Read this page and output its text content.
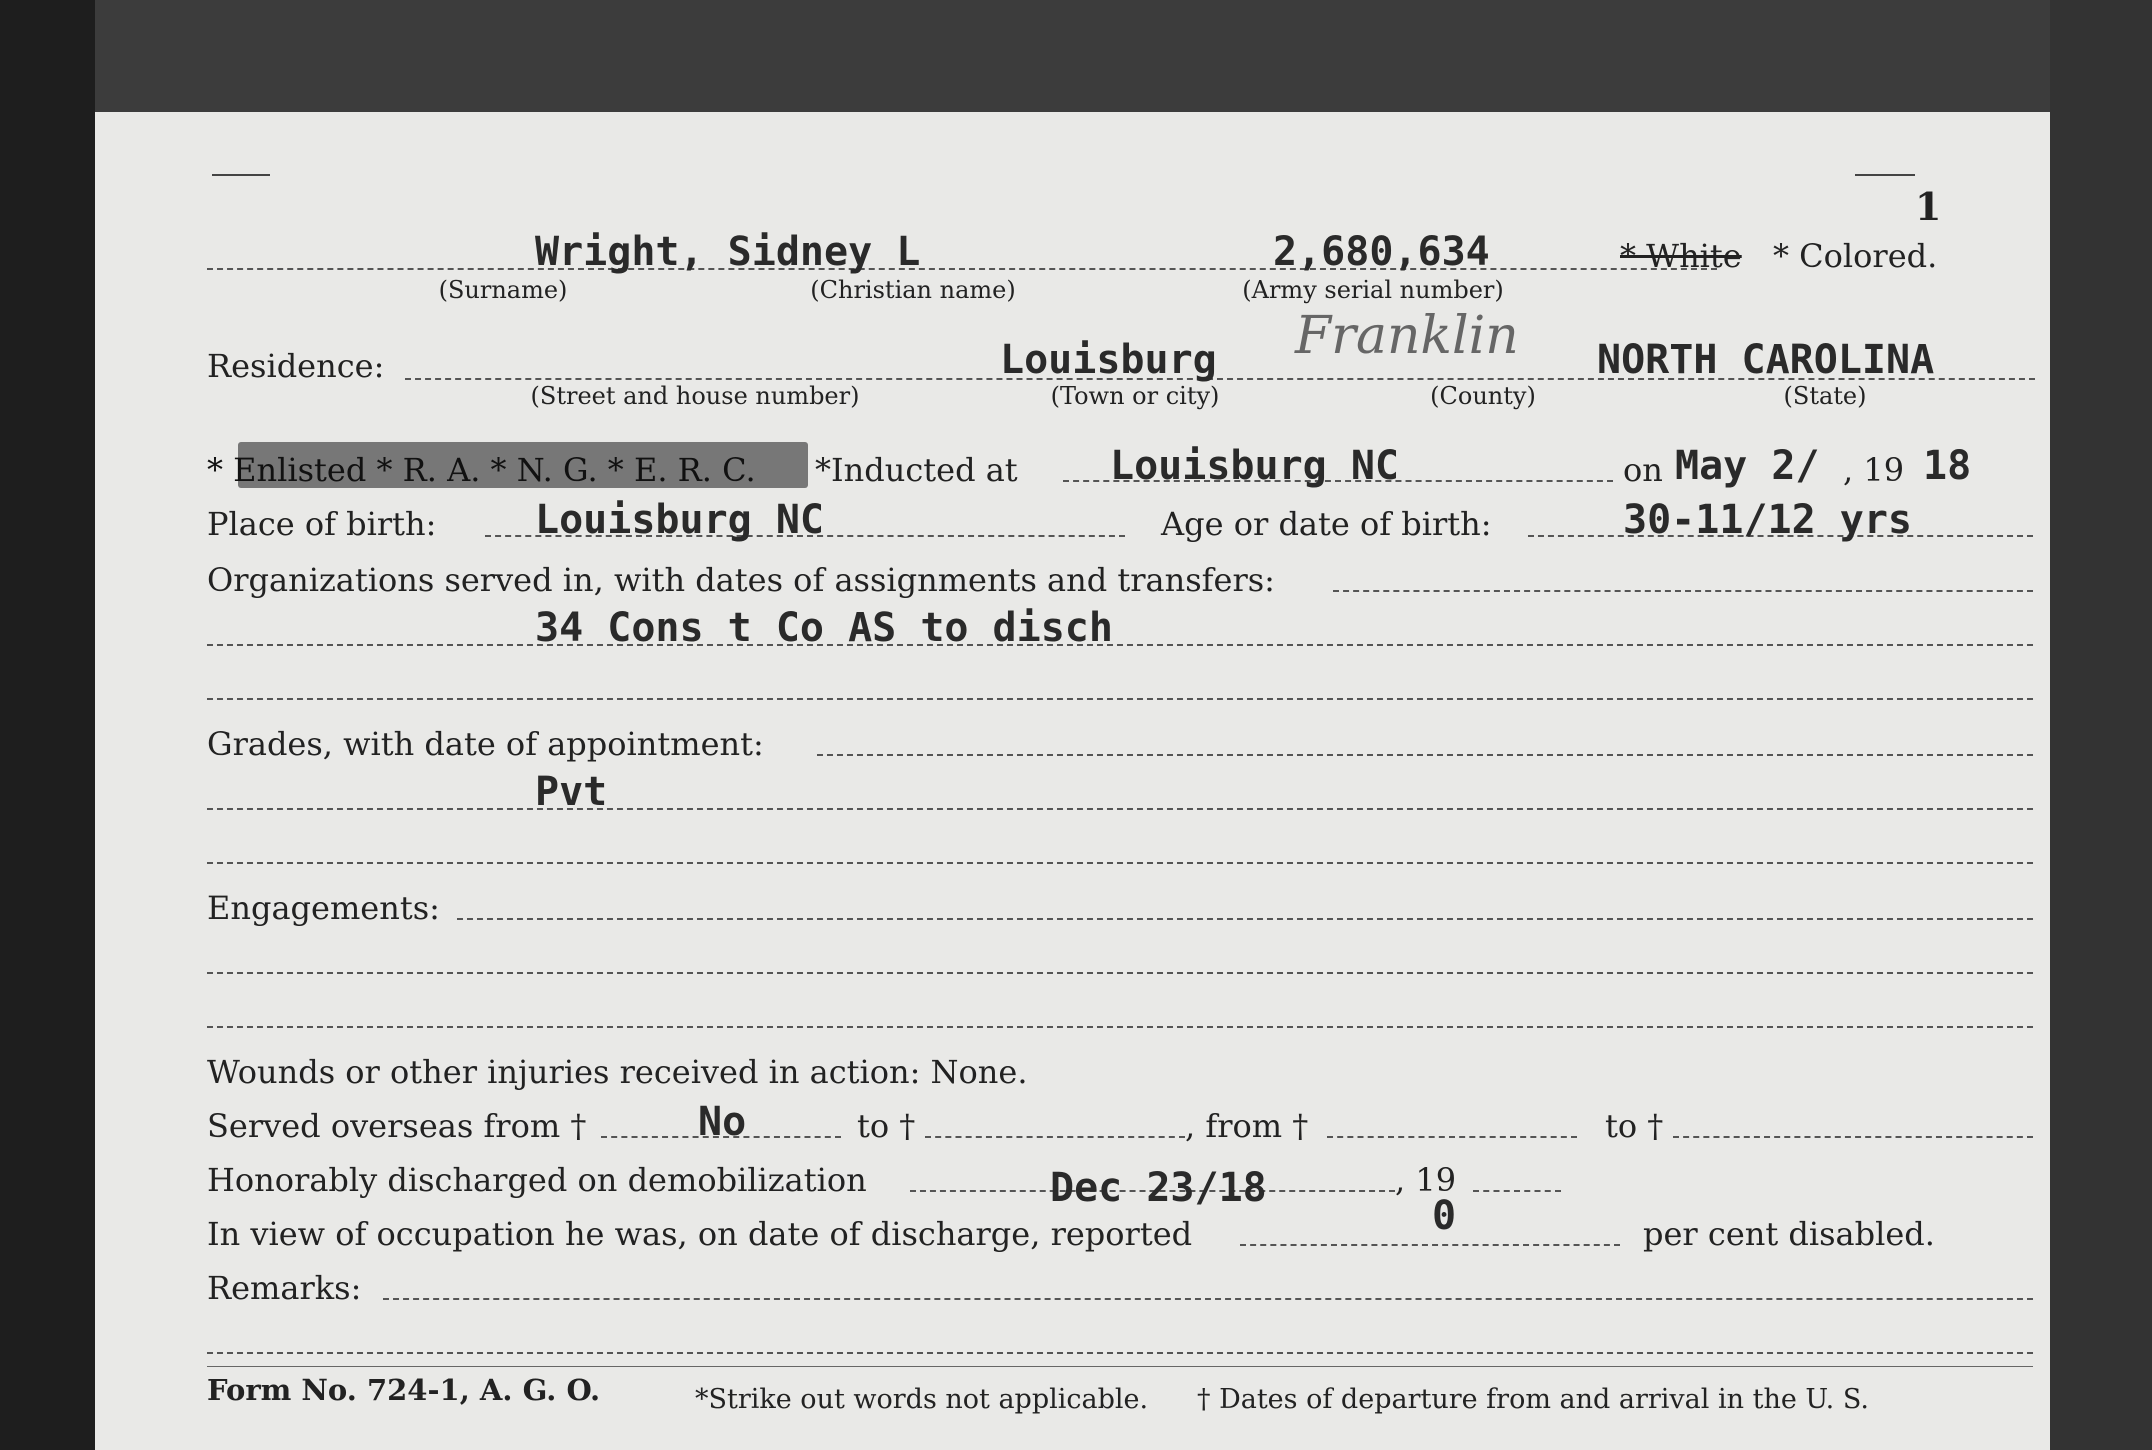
1
Wright, Sidney L	2,680,634	* White * Colored.
(Surname)	(Christian name)	(Army serial number)
Residence:	Louisburg Franklin NORTH CAROLINA
(Street and house number)	(Town or city)	(County)	(State)
* Enlisted * R. A. * N. G. * E. R. C. *Inducted at Louisburg NC	on May 2/ , 19 18
Place of birth: Louisburg NC	Age or date of birth:	30-11/12 yrs
Organizations served in, with dates of assignments and transfers:
34 Cons t Co AS to disch
Grades, with date of appointment:
Pvt
Engagements:
Wounds or other injuries received in action: None.
Served overseas from †	No	to †	, from †	to †
Honorably discharged on demobilization	Dec 23/18	, 19
In view of occupation he was, on date of discharge, reported	0	per cent disabled.
Remarks:
Form No. 724-1, A. G. O.	*Strike out words not applicable. † Dates of departure from and arrival in the U. S.
